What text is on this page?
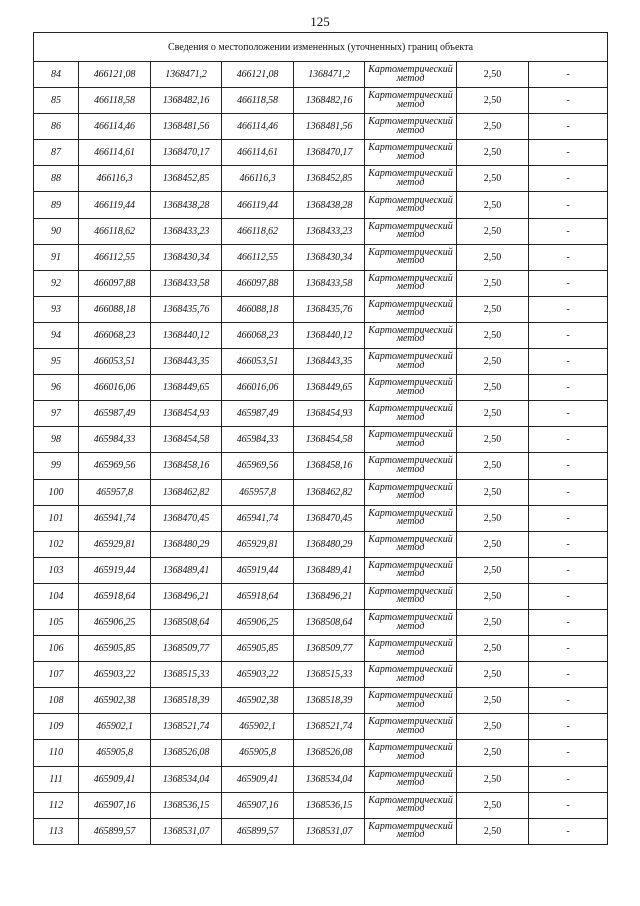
125
Сведения о местоположении измененных (уточненных) границ объекта							
84	466121,08	1368471,2	466121,08	1368471,2	Картометрический
метод	2,50	-
85	466118,58	1368482,16	466118,58	1368482,16	Картометрический
метод	2,50	-
86	466114,46	1368481,56	466114,46	1368481,56	Картометрический
метод	2,50	-
87	466114,61	1368470,17	466114,61	1368470,17	Картометрический
метод	2,50	-
88	466116,3	1368452,85	466116,3	1368452,85	Картометрический
метод	2,50	-
89	466119,44	1368438,28	466119,44	1368438,28	Картометрический
метод	2,50	-
90	466118,62	1368433,23	466118,62	1368433,23	Картометрический
метод	2,50	-
91	466112,55	1368430,34	466112,55	1368430,34	Картометрический
метод	2,50	-
92	466097,88	1368433,58	466097,88	1368433,58	Картометрический
метод	2,50	-
93	466088,18	1368435,76	466088,18	1368435,76	Картометрический
метод	2,50	-
94	466068,23	1368440,12	466068,23	1368440,12	Картометрический
метод	2,50	-
95	466053,51	1368443,35	466053,51	1368443,35	Картометрический
метод	2,50	-
96	466016,06	1368449,65	466016,06	1368449,65	Картометрический
метод	2,50	-
97	465987,49	1368454,93	465987,49	1368454,93	Картометрический
метод	2,50	-
98	465984,33	1368454,58	465984,33	1368454,58	Картометрический
метод	2,50	-
99	465969,56	1368458,16	465969,56	1368458,16	Картометрический
метод	2,50	-
100	465957,8	1368462,82	465957,8	1368462,82	Картометрический
метод	2,50	-
101	465941,74	1368470,45	465941,74	1368470,45	Картометрический
метод	2,50	-
102	465929,81	1368480,29	465929,81	1368480,29	Картометрический
метод	2,50	-
103	465919,44	1368489,41	465919,44	1368489,41	Картометрический
метод	2,50	-
104	465918,64	1368496,21	465918,64	1368496,21	Картометрический
метод	2,50	-
105	465906,25	1368508,64	465906,25	1368508,64	Картометрический
метод	2,50	-
106	465905,85	1368509,77	465905,85	1368509,77	Картометрический
метод	2,50	-
107	465903,22	1368515,33	465903,22	1368515,33	Картометрический
метод	2,50	-
108	465902,38	1368518,39	465902,38	1368518,39	Картометрический
метод	2,50	-
109	465902,1	1368521,74	465902,1	1368521,74	Картометрический
метод	2,50	-
110	465905,8	1368526,08	465905,8	1368526,08	Картометрический
метод	2,50	-
111	465909,41	1368534,04	465909,41	1368534,04	Картометрический
метод	2,50	-
112	465907,16	1368536,15	465907,16	1368536,15	Картометрический
метод	2,50	-
113	465899,57	1368531,07	465899,57	1368531,07	Картометрический
метод	2,50	-
